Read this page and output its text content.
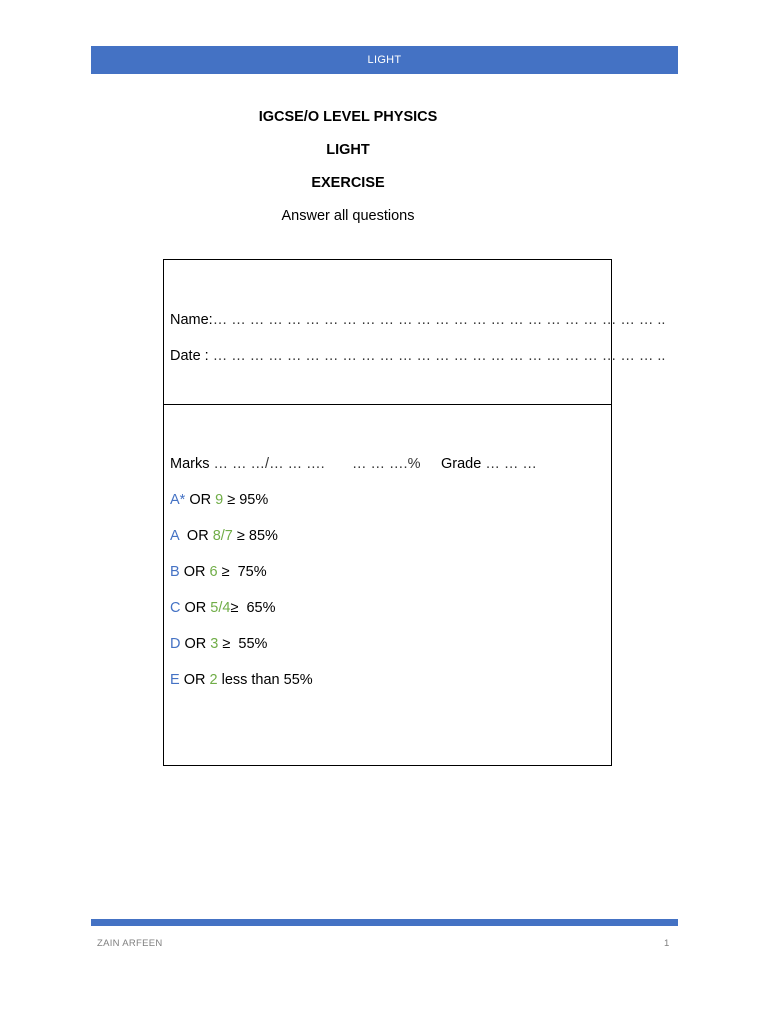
LIGHT
IGCSE/O LEVEL PHYSICS
LIGHT
EXERCISE
Answer all questions
Name:… … … … … … … … … … … … … … … … … … … … … … … … ..
Date : … … … … … … … … … … … … … … … … … … … … … … … … ..
Marks … … …/… … …. … … ….% Grade … … …
A* OR 9 ≥ 95%
A  OR 8/7 ≥ 85%
B OR 6 ≥  75%
C OR 5/4≥  65%
D OR 3 ≥  55%
E OR 2 less than 55%
ZAIN ARFEEN	1
